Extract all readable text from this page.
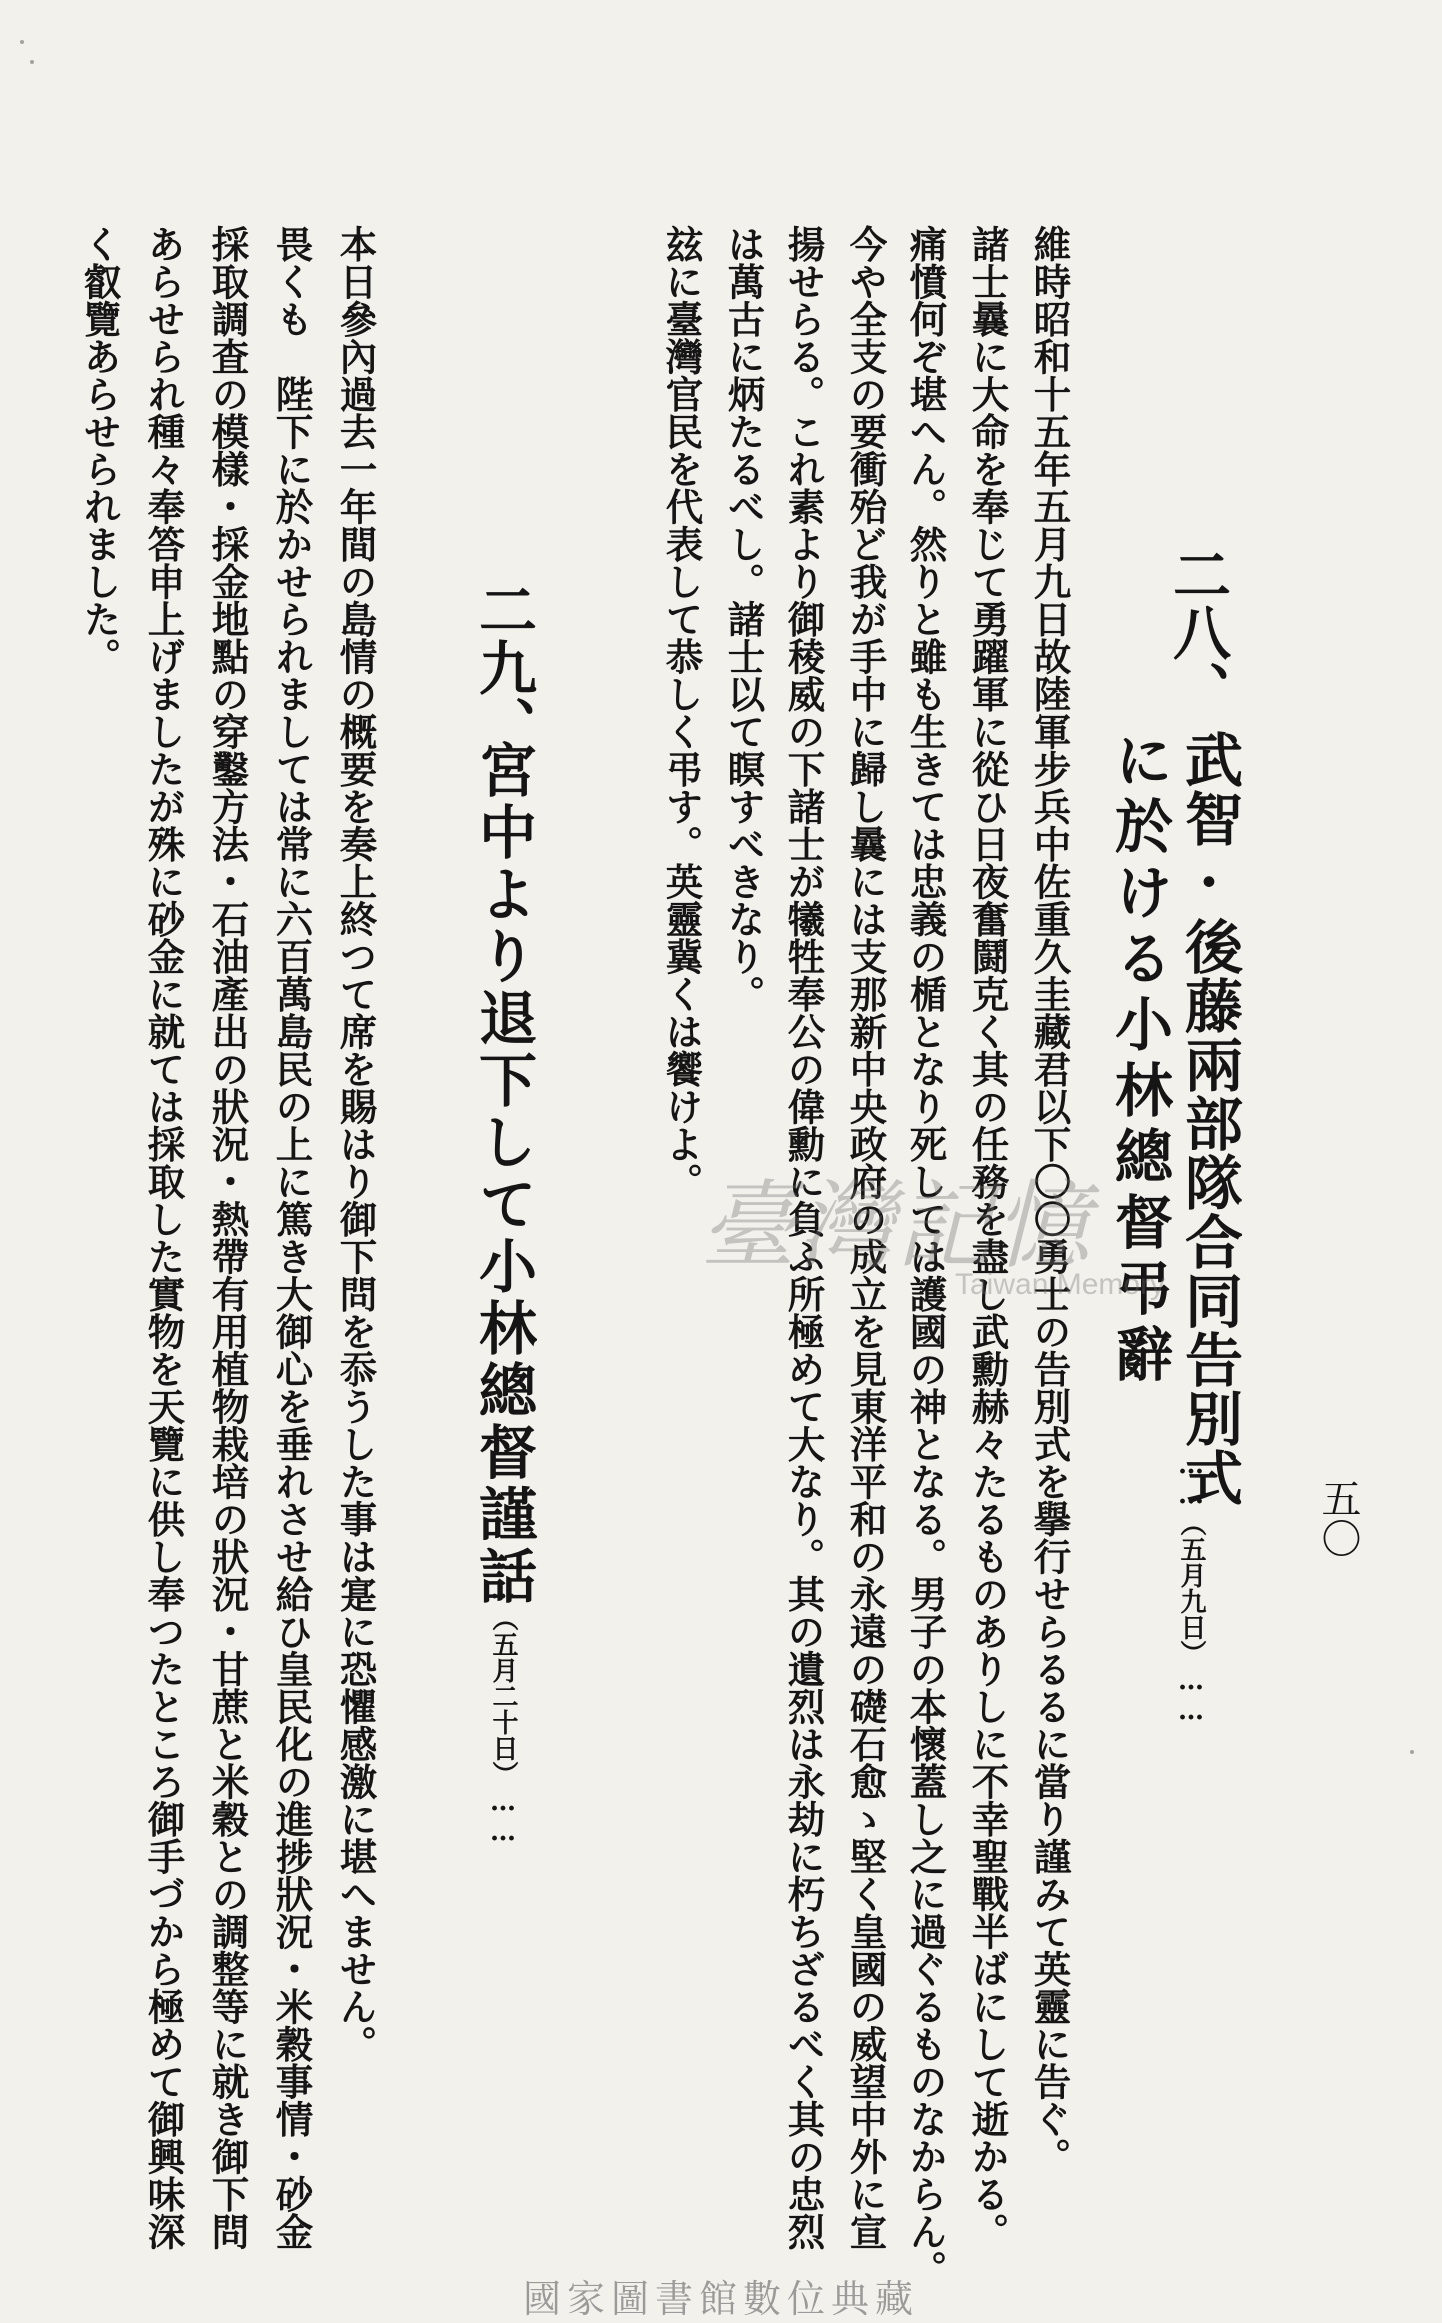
五〇
二八、
武智·後藤兩部隊合同告別式
に於ける小林總督弔辭
……（五月九日）……
維時昭和十五年五月九日故陸軍步兵中佐重久圭藏君以下〇〇勇士の告別式を擧行せらるるに當り謹みて英靈に告ぐ。
諸士曩に大命を奉じて勇躍軍に從ひ日夜奮鬪克く其の任務を盡し武勳赫々たるものありしに不幸聖戰半ばにして逝かる。
痛憤何ぞ堪へん。然りと雖も生きては忠義の楯となり死しては護國の神となる。男子の本懷蓋し之に過ぐるものなからん。
今や全支の要衝殆ど我が手中に歸し曩には支那新中央政府の成立を見東洋平和の永遠の礎石愈ゝ堅く皇國の威望中外に宣
揚せらる。これ素より御稜威の下諸士が犧牲奉公の偉勳に負ふ所極めて大なり。其の遺烈は永劫に朽ちざるべく其の忠烈
は萬古に炳たるべし。諸士以て瞑すべきなり。
玆に臺灣官民を代表して恭しく弔す。英靈冀くは饗けよ。
二九、
宮中より退下して小林總督謹話
……（五月二十日）……
本日參內過去一年間の島情の概要を奏上終つて席を賜はり御下問を忝うした事は寔に恐懼感激に堪へません。
畏くも　陛下に於かせられましては常に六百萬島民の上に篤き大御心を垂れさせ給ひ皇民化の進捗狀況・米穀事情・砂金
採取調査の模樣・採金地點の穿鑿方法・石油產出の狀況・熱帶有用植物栽培の狀況・甘蔗と米穀との調整等に就き御下問
あらせられ種々奉答申上げましたが殊に砂金に就ては採取した實物を天覽に供し奉つたところ御手づから極めて御興味深
く叡覽あらせられました。
臺灣記憶
Taiwan Memory
國家圖書館數位典藏
